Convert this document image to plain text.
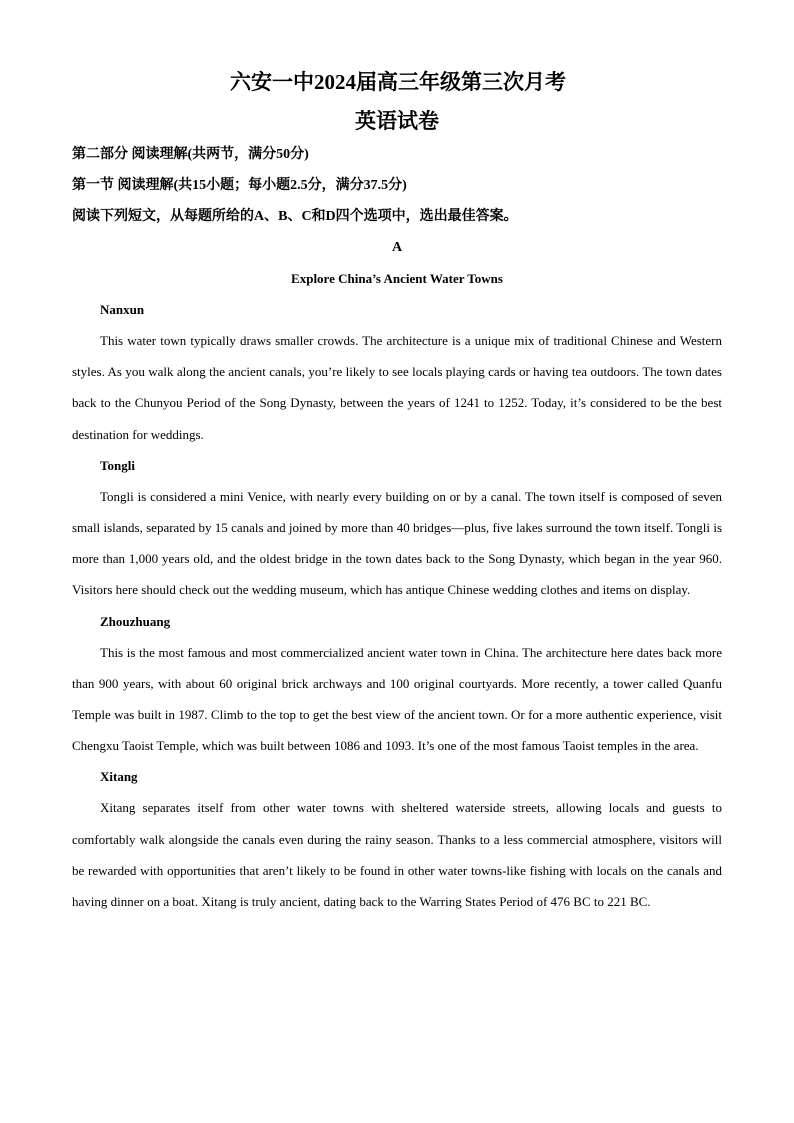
六安一中2024届高三年级第三次月考
英语试卷

第二部分 阅读理解(共两节，满分50分)

第一节 阅读理解(共15小题；每小题2.5分，满分37.5分)

阅读下列短文，从每题所给的A、B、C和D四个选项中，选出最佳答案。

A

Explore China’s Ancient Water Towns

Nanxun

This water town typically draws smaller crowds. The architecture is a unique mix of traditional Chinese and Western styles. As you walk along the ancient canals, you’re likely to see locals playing cards or having tea outdoors. The town dates back to the Chunyou Period of the Song Dynasty, between the years of 1241 to 1252. Today, it’s considered to be the best destination for weddings.

Tongli

Tongli is considered a mini Venice, with nearly every building on or by a canal. The town itself is composed of seven small islands, separated by 15 canals and joined by more than 40 bridges—plus, five lakes surround the town itself. Tongli is more than 1,000 years old, and the oldest bridge in the town dates back to the Song Dynasty, which began in the year 960. Visitors here should check out the wedding museum, which has antique Chinese wedding clothes and items on display.

Zhouzhuang

This is the most famous and most commercialized ancient water town in China. The architecture here dates back more than 900 years, with about 60 original brick archways and 100 original courtyards. More recently, a tower called Quanfu Temple was built in 1987. Climb to the top to get the best view of the ancient town. Or for a more authentic experience, visit Chengxu Taoist Temple, which was built between 1086 and 1093. It’s one of the most famous Taoist temples in the area.

Xitang

Xitang separates itself from other water towns with sheltered waterside streets, allowing locals and guests to comfortably walk alongside the canals even during the rainy season. Thanks to a less commercial atmosphere, visitors will be rewarded with opportunities that aren’t likely to be found in other water towns-like fishing with locals on the canals and having dinner on a boat. Xitang is truly ancient, dating back to the Warring States Period of 476 BC to 221 BC.
